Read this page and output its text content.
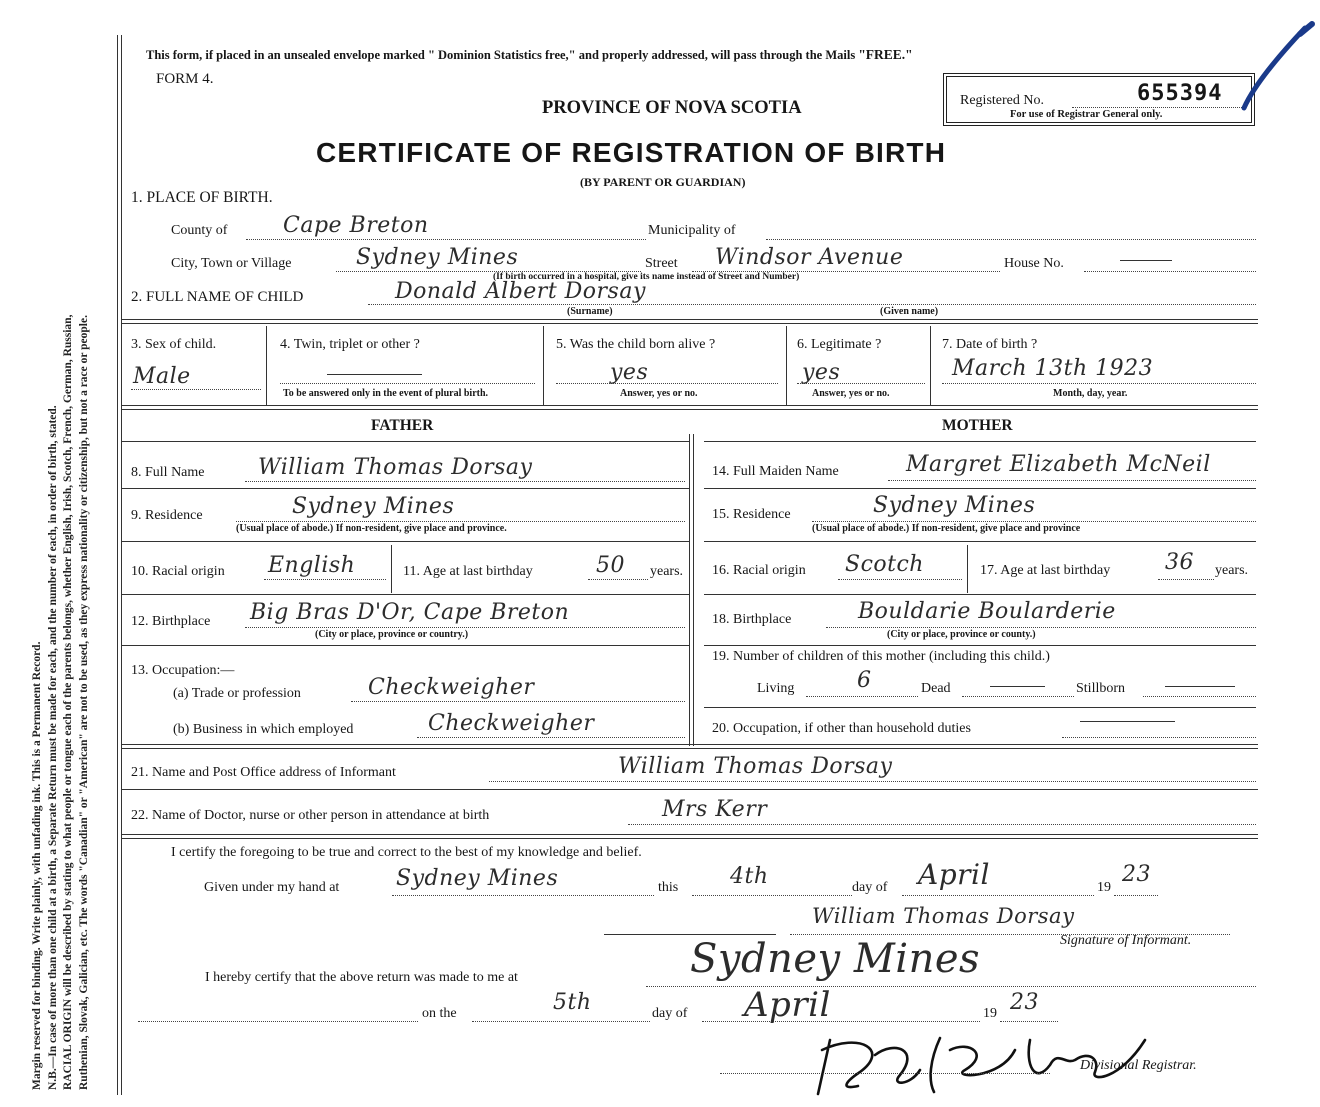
Margin reserved for binding. Write plainly, with unfading ink. This is a Permanent Record. N.B.—In case of more than one child at a birth, a Separate Return must be made for each, and the number of each, in order of birth, stated. RACIAL ORIGIN will be described by stating to what people or tongue each of the parents belongs, whether English, Irish, Scotch, French, German, Russian, Ruthenian, Slovak, Galician, etc. The words "Canadian" or "American" are not to be used, as they express nationality or citizenship, but not a race or people.
This form, if placed in an unsealed envelope marked " Dominion Statistics free," and properly addressed, will pass through the Mails "FREE."
FORM 4.
PROVINCE OF NOVA SCOTIA	Registered No.	655394
For use of Registrar General only.
CERTIFICATE OF REGISTRATION OF BIRTH
(BY PARENT OR GUARDIAN)
1. PLACE OF BIRTH.
County of	Cape Breton	Municipality of
City, Town or Village	Sydney Mines	Street Windsor Avenue	House No.
(If birth occurred in a hospital, give its name instead of Street and Number)
2. FULL NAME OF CHILD	Donald Albert Dorsay
(Surname)	(Given name)
3. Sex of child.
Male
4. Twin, triplet or other ?
To be answered only in the event of plural birth.
5. Was the child born alive ?
yes
Answer, yes or no.
6. Legitimate ?
yes
Answer, yes or no.
7. Date of birth ?
March 13th 1923
Month, day, year.
FATHER	MOTHER
8. Full Name William Thomas Dorsay
9. Residence	Sydney Mines
(Usual place of abode.) If non-resident, give place and province.
10. Racial origin English	11. Age at last birthday	50 years.
12. Birthplace Big Bras D'Or, Cape Breton
(City or place, province or country.)
13. Occupation:—
(a) Trade or profession	Checkweigher
(b) Business in which employed	Checkweigher
14. Full Maiden Name	Margret Elizabeth McNeil
15. Residence	Sydney Mines
(Usual place of abode.) If non-resident, give place and province
16. Racial origin Scotch	17. Age at last birthday 36 years.
18. Birthplace	Bouldarie Boularderie
(City or place, province or county.)
19. Number of children of this mother (including this child.)
Living	6	Dead	Stillborn
20. Occupation, if other than household duties
21. Name and Post Office address of Informant	William Thomas Dorsay
22. Name of Doctor, nurse or other person in attendance at birth	Mrs Kerr
I certify the foregoing to be true and correct to the best of my knowledge and belief.
Given under my hand at	Sydney Mines	this 4th	day of April	19
23
William Thomas Dorsay
Signature of Informant.
I hereby certify that the above return was made to me at	Sydney Mines
on the	5th	day of April	19 23
Divisional Registrar.
